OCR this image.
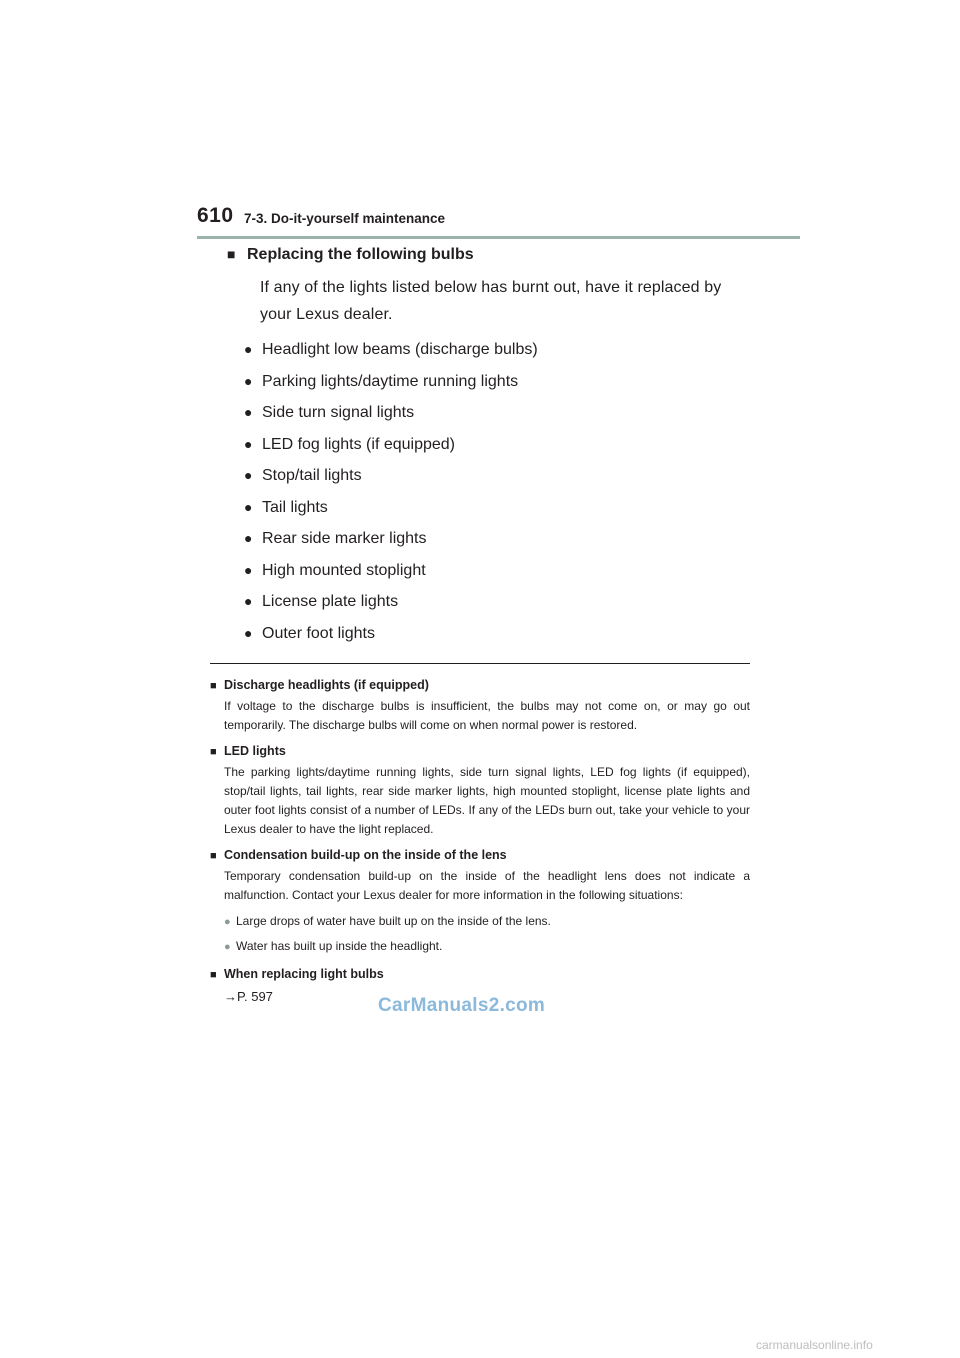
610 7-3. Do-it-yourself maintenance
■ Replacing the following bulbs
If any of the lights listed below has burnt out, have it replaced by your Lexus dealer.
● Headlight low beams (discharge bulbs)
● Parking lights/daytime running lights
● Side turn signal lights
● LED fog lights (if equipped)
● Stop/tail lights
● Tail lights
● Rear side marker lights
● High mounted stoplight
● License plate lights
● Outer foot lights
■ Discharge headlights (if equipped)
If voltage to the discharge bulbs is insufficient, the bulbs may not come on, or may go out temporarily. The discharge bulbs will come on when normal power is restored.
■ LED lights
The parking lights/daytime running lights, side turn signal lights, LED fog lights (if equipped), stop/tail lights, tail lights, rear side marker lights, high mounted stoplight, license plate lights and outer foot lights consist of a number of LEDs. If any of the LEDs burn out, take your vehicle to your Lexus dealer to have the light replaced.
■ Condensation build-up on the inside of the lens
Temporary condensation build-up on the inside of the headlight lens does not indicate a malfunction. Contact your Lexus dealer for more information in the following situations:
● Large drops of water have built up on the inside of the lens.
● Water has built up inside the headlight.
■ When replacing light bulbs
→P. 597	CarManuals2.com
carmanualsonline.info
